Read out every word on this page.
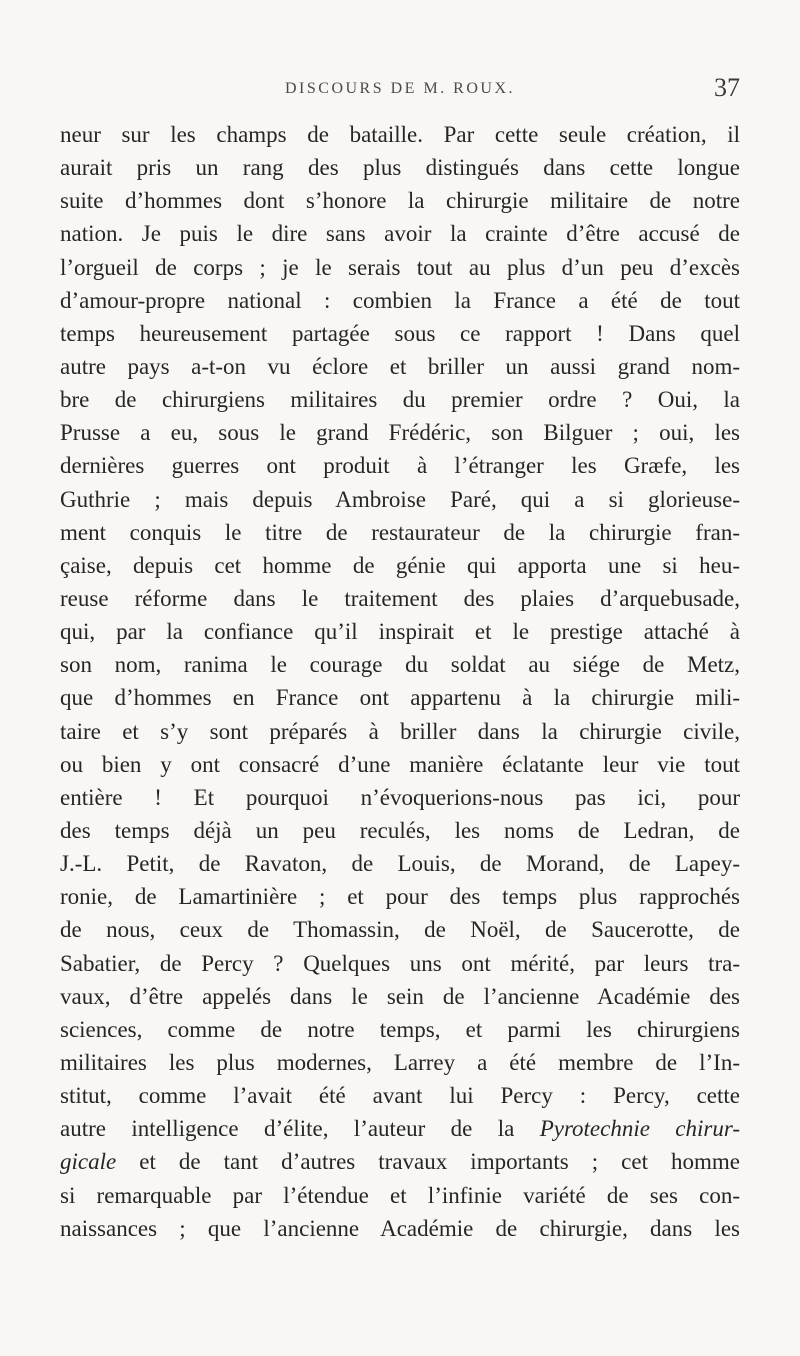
DISCOURS DE M. ROUX.	37
neur sur les champs de bataille. Par cette seule création, il
aurait pris un rang des plus distingués dans cette longue
suite d’hommes dont s’honore la chirurgie militaire de notre
nation. Je puis le dire sans avoir la crainte d’être accusé de
l’orgueil de corps ; je le serais tout au plus d’un peu d’excès
d’amour-propre national : combien la France a été de tout
temps heureusement partagée sous ce rapport ! Dans quel
autre pays a-t-on vu éclore et briller un aussi grand nom-
bre de chirurgiens militaires du premier ordre ? Oui, la
Prusse a eu, sous le grand Frédéric, son Bilguer ; oui, les
dernières guerres ont produit à l’étranger les Græfe, les
Guthrie ; mais depuis Ambroise Paré, qui a si glorieuse-
ment conquis le titre de restaurateur de la chirurgie fran-
çaise, depuis cet homme de génie qui apporta une si heu-
reuse réforme dans le traitement des plaies d’arquebusade,
qui, par la confiance qu’il inspirait et le prestige attaché à
son nom, ranima le courage du soldat au siége de Metz,
que d’hommes en France ont appartenu à la chirurgie mili-
taire et s’y sont préparés à briller dans la chirurgie civile,
ou bien y ont consacré d’une manière éclatante leur vie tout
entière ! Et pourquoi n’évoquerions-nous pas ici, pour
des temps déjà un peu reculés, les noms de Ledran, de
J.-L. Petit, de Ravaton, de Louis, de Morand, de Lapey-
ronie, de Lamartinière ; et pour des temps plus rapprochés
de nous, ceux de Thomassin, de Noël, de Saucerotte, de
Sabatier, de Percy ? Quelques uns ont mérité, par leurs tra-
vaux, d’être appelés dans le sein de l’ancienne Académie des
sciences, comme de notre temps, et parmi les chirurgiens
militaires les plus modernes, Larrey a été membre de l’In-
stitut, comme l’avait été avant lui Percy : Percy, cette
autre intelligence d’élite, l’auteur de la Pyrotechnie chirur-
gicale et de tant d’autres travaux importants ; cet homme
si remarquable par l’étendue et l’infinie variété de ses con-
naissances ; que l’ancienne Académie de chirurgie, dans les
